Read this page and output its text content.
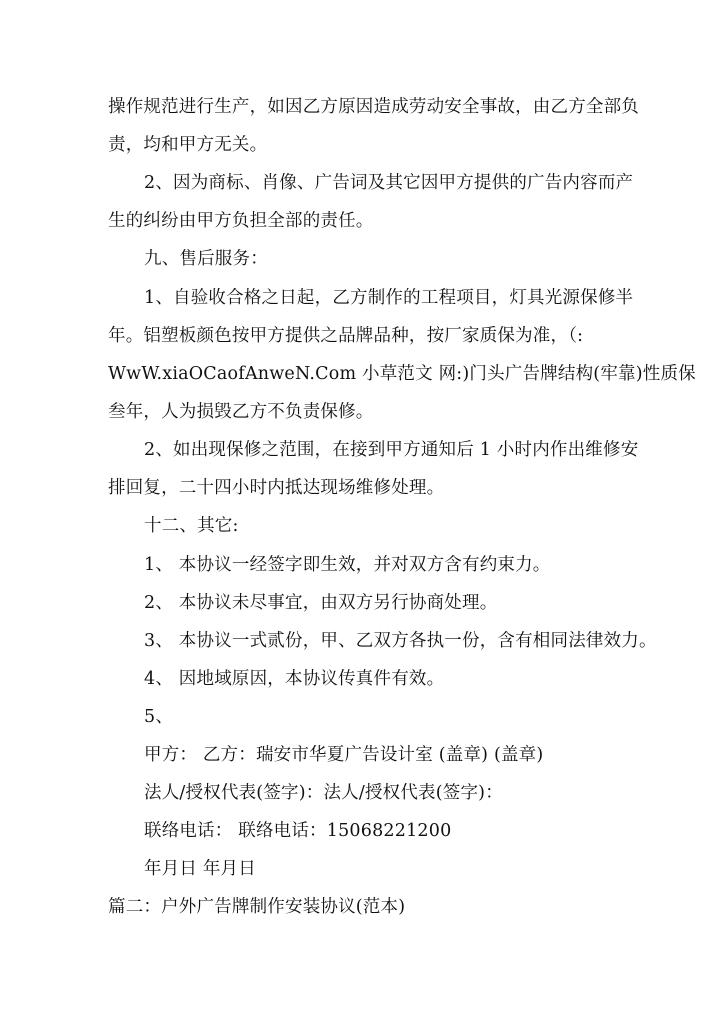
操作规范进行生产，如因乙方原因造成劳动安全事故，由乙方全部负
责，均和甲方无关。
2、因为商标、肖像、广告词及其它因甲方提供的广告内容而产
生的纠纷由甲方负担全部的责任。
九、售后服务：
1、自验收合格之日起，乙方制作的工程项目，灯具光源保修半
年。铝塑板颜色按甲方提供之品牌品种，按厂家质保为准，（:
WwW.xiaOCaofAnweN.Com 小草范文 网:)门头广告牌结构(牢靠)性质保
叁年，人为损毁乙方不负责保修。
2、如出现保修之范围，在接到甲方通知后 1 小时内作出维修安
排回复，二十四小时内抵达现场维修处理。
十二、其它:
1、 本协议一经签字即生效，并对双方含有约束力。
2、 本协议未尽事宜，由双方另行协商处理。
3、 本协议一式贰份，甲、乙双方各执一份，含有相同法律效力。
4、 因地域原因，本协议传真件有效。
5、
甲方： 乙方：瑞安市华夏广告设计室 (盖章) (盖章)
法人/授权代表(签字)：法人/授权代表(签字)：
联络电话： 联络电话：15068221200
年月日 年月日
篇二：户外广告牌制作安装协议(范本)
